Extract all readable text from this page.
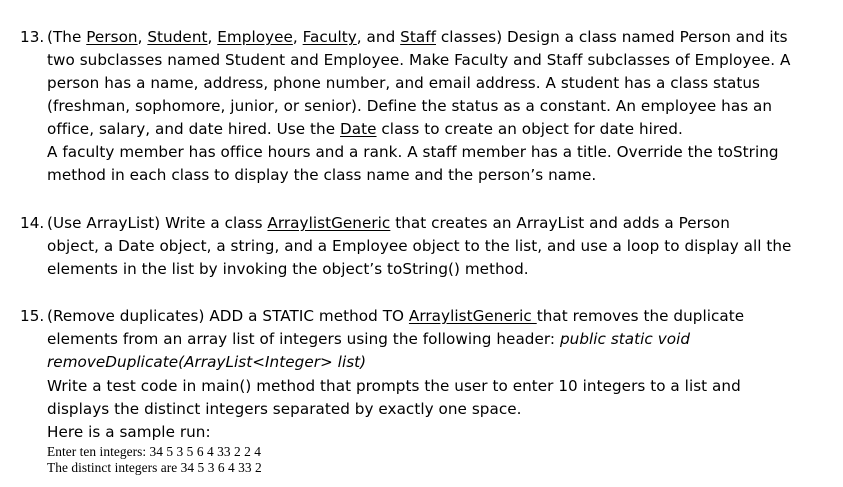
13. (The Person, Student, Employee, Faculty, and Staff classes) Design a class named Person and its
two subclasses named Student and Employee. Make Faculty and Staff subclasses of Employee. A
person has a name, address, phone number, and email address. A student has a class status
(freshman, sophomore, junior, or senior). Define the status as a constant. An employee has an
office, salary, and date hired. Use the Date class to create an object for date hired.
A faculty member has office hours and a rank. A staff member has a title. Override the toString
method in each class to display the class name and the person’s name.
14. (Use ArrayList) Write a class ArraylistGeneric that creates an ArrayList and adds a Person
object, a Date object, a string, and a Employee object to the list, and use a loop to display all the
elements in the list by invoking the object’s toString() method.
15. (Remove duplicates) ADD a STATIC method TO ArraylistGeneric that removes the duplicate
elements from an array list of integers using the following header: public static void
removeDuplicate(ArrayList<Integer> list)
Write a test code in main() method that prompts the user to enter 10 integers to a list and
displays the distinct integers separated by exactly one space.
Here is a sample run:
Enter ten integers: 34 5 3 5 6 4 33 2 2 4
The distinct integers are 34 5 3 6 4 33 2
